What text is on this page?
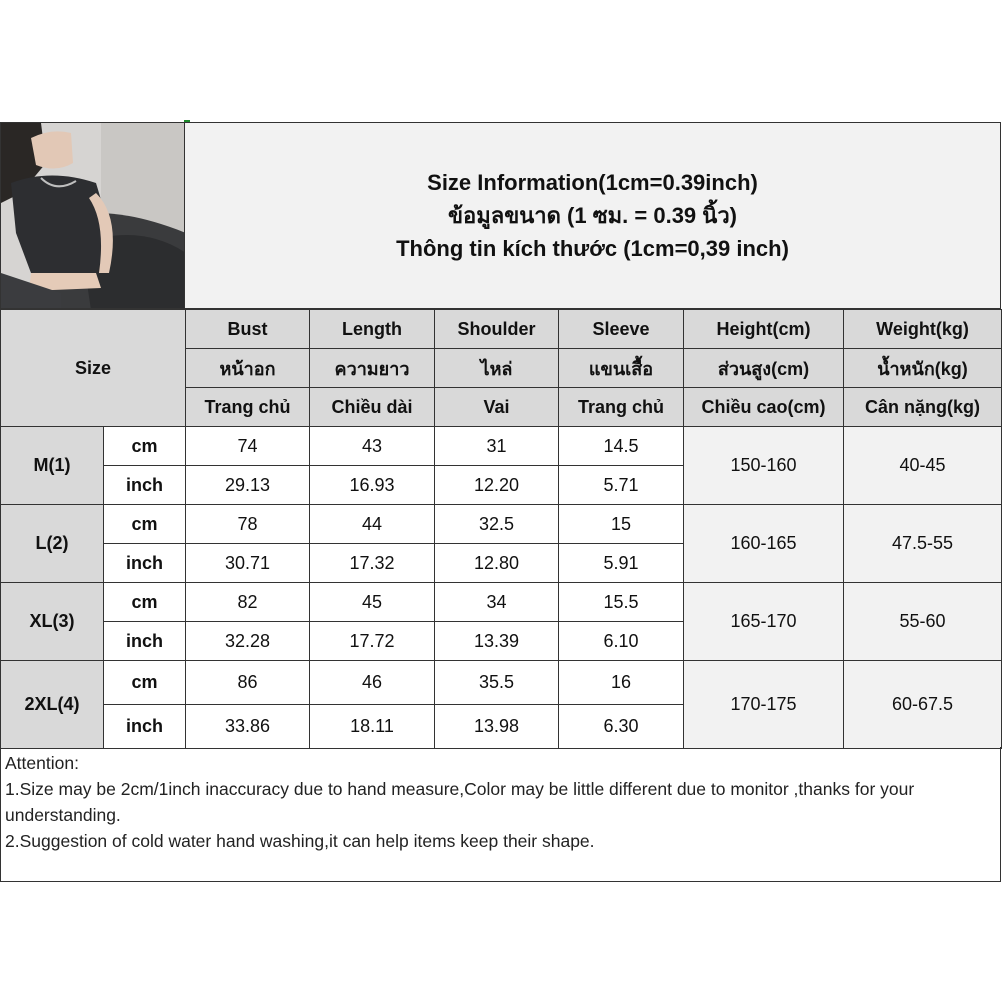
Size Information(1cm=0.39inch)
ข้อมูลขนาด (1 ซม. = 0.39 นิ้ว)
Thông tin kích thước (1cm=0,39 inch)
Size		Bust	Length	Shoulder	Sleeve	Height(cm)	Weight(kg)
		หน้าอก	ความยาว	ไหล่	แขนเสื้อ	ส่วนสูง(cm)	น้ำหนัก(kg)
		Trang chủ	Chiều dài	Vai	Trang chủ	Chiều cao(cm)	Cân nặng(kg)
M(1)	cm	74	43	31	14.5	150-160	40-45
	inch	29.13	16.93	12.20	5.71		
L(2)	cm	78	44	32.5	15	160-165	47.5-55
	inch	30.71	17.32	12.80	5.91		
XL(3)	cm	82	45	34	15.5	165-170	55-60
	inch	32.28	17.72	13.39	6.10		
2XL(4)	cm	86	46	35.5	16	170-175	60-67.5
	inch	33.86	18.11	13.98	6.30		
Attention:
1.Size may be 2cm/1inch inaccuracy due to hand measure,Color may be little different due to monitor ,thanks for your understanding.
2.Suggestion of cold water hand washing,it can help items keep their shape.
